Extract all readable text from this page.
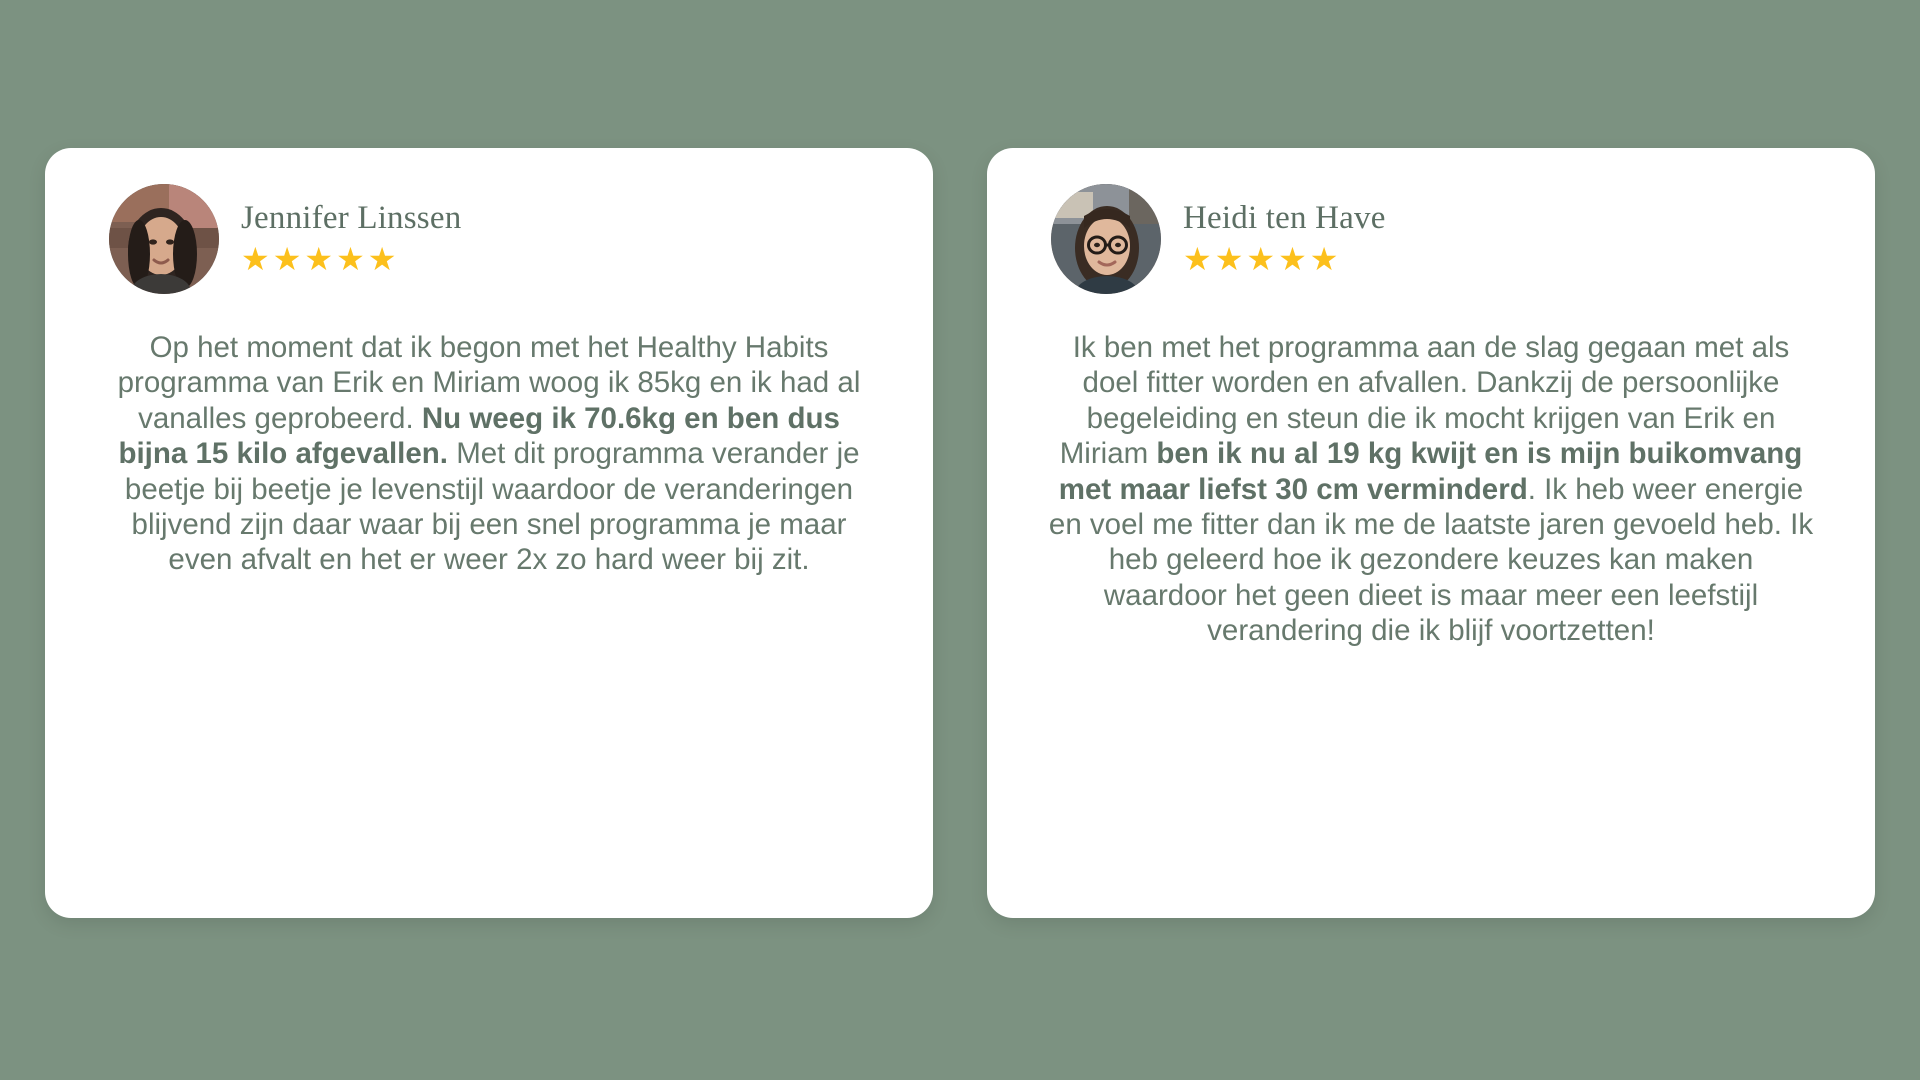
Jennifer Linssen
★★★★★
Op het moment dat ik begon met het Healthy Habits programma van Erik en Miriam woog ik 85kg en ik had al vanalles geprobeerd. Nu weeg ik 70.6kg en ben dus bijna 15 kilo afgevallen. Met dit programma verander je beetje bij beetje je levenstijl waardoor de veranderingen blijvend zijn daar waar bij een snel programma je maar even afvalt en het er weer 2x zo hard weer bij zit.
Heidi ten Have
★★★★★
Ik ben met het programma aan de slag gegaan met als doel fitter worden en afvallen. Dankzij de persoonlijke begeleiding en steun die ik mocht krijgen van Erik en Miriam ben ik nu al 19 kg kwijt en is mijn buikomvang met maar liefst 30 cm verminderd. Ik heb weer energie en voel me fitter dan ik me de laatste jaren gevoeld heb. Ik heb geleerd hoe ik gezondere keuzes kan maken waardoor het geen dieet is maar meer een leefstijl verandering die ik blijf voortzetten!
